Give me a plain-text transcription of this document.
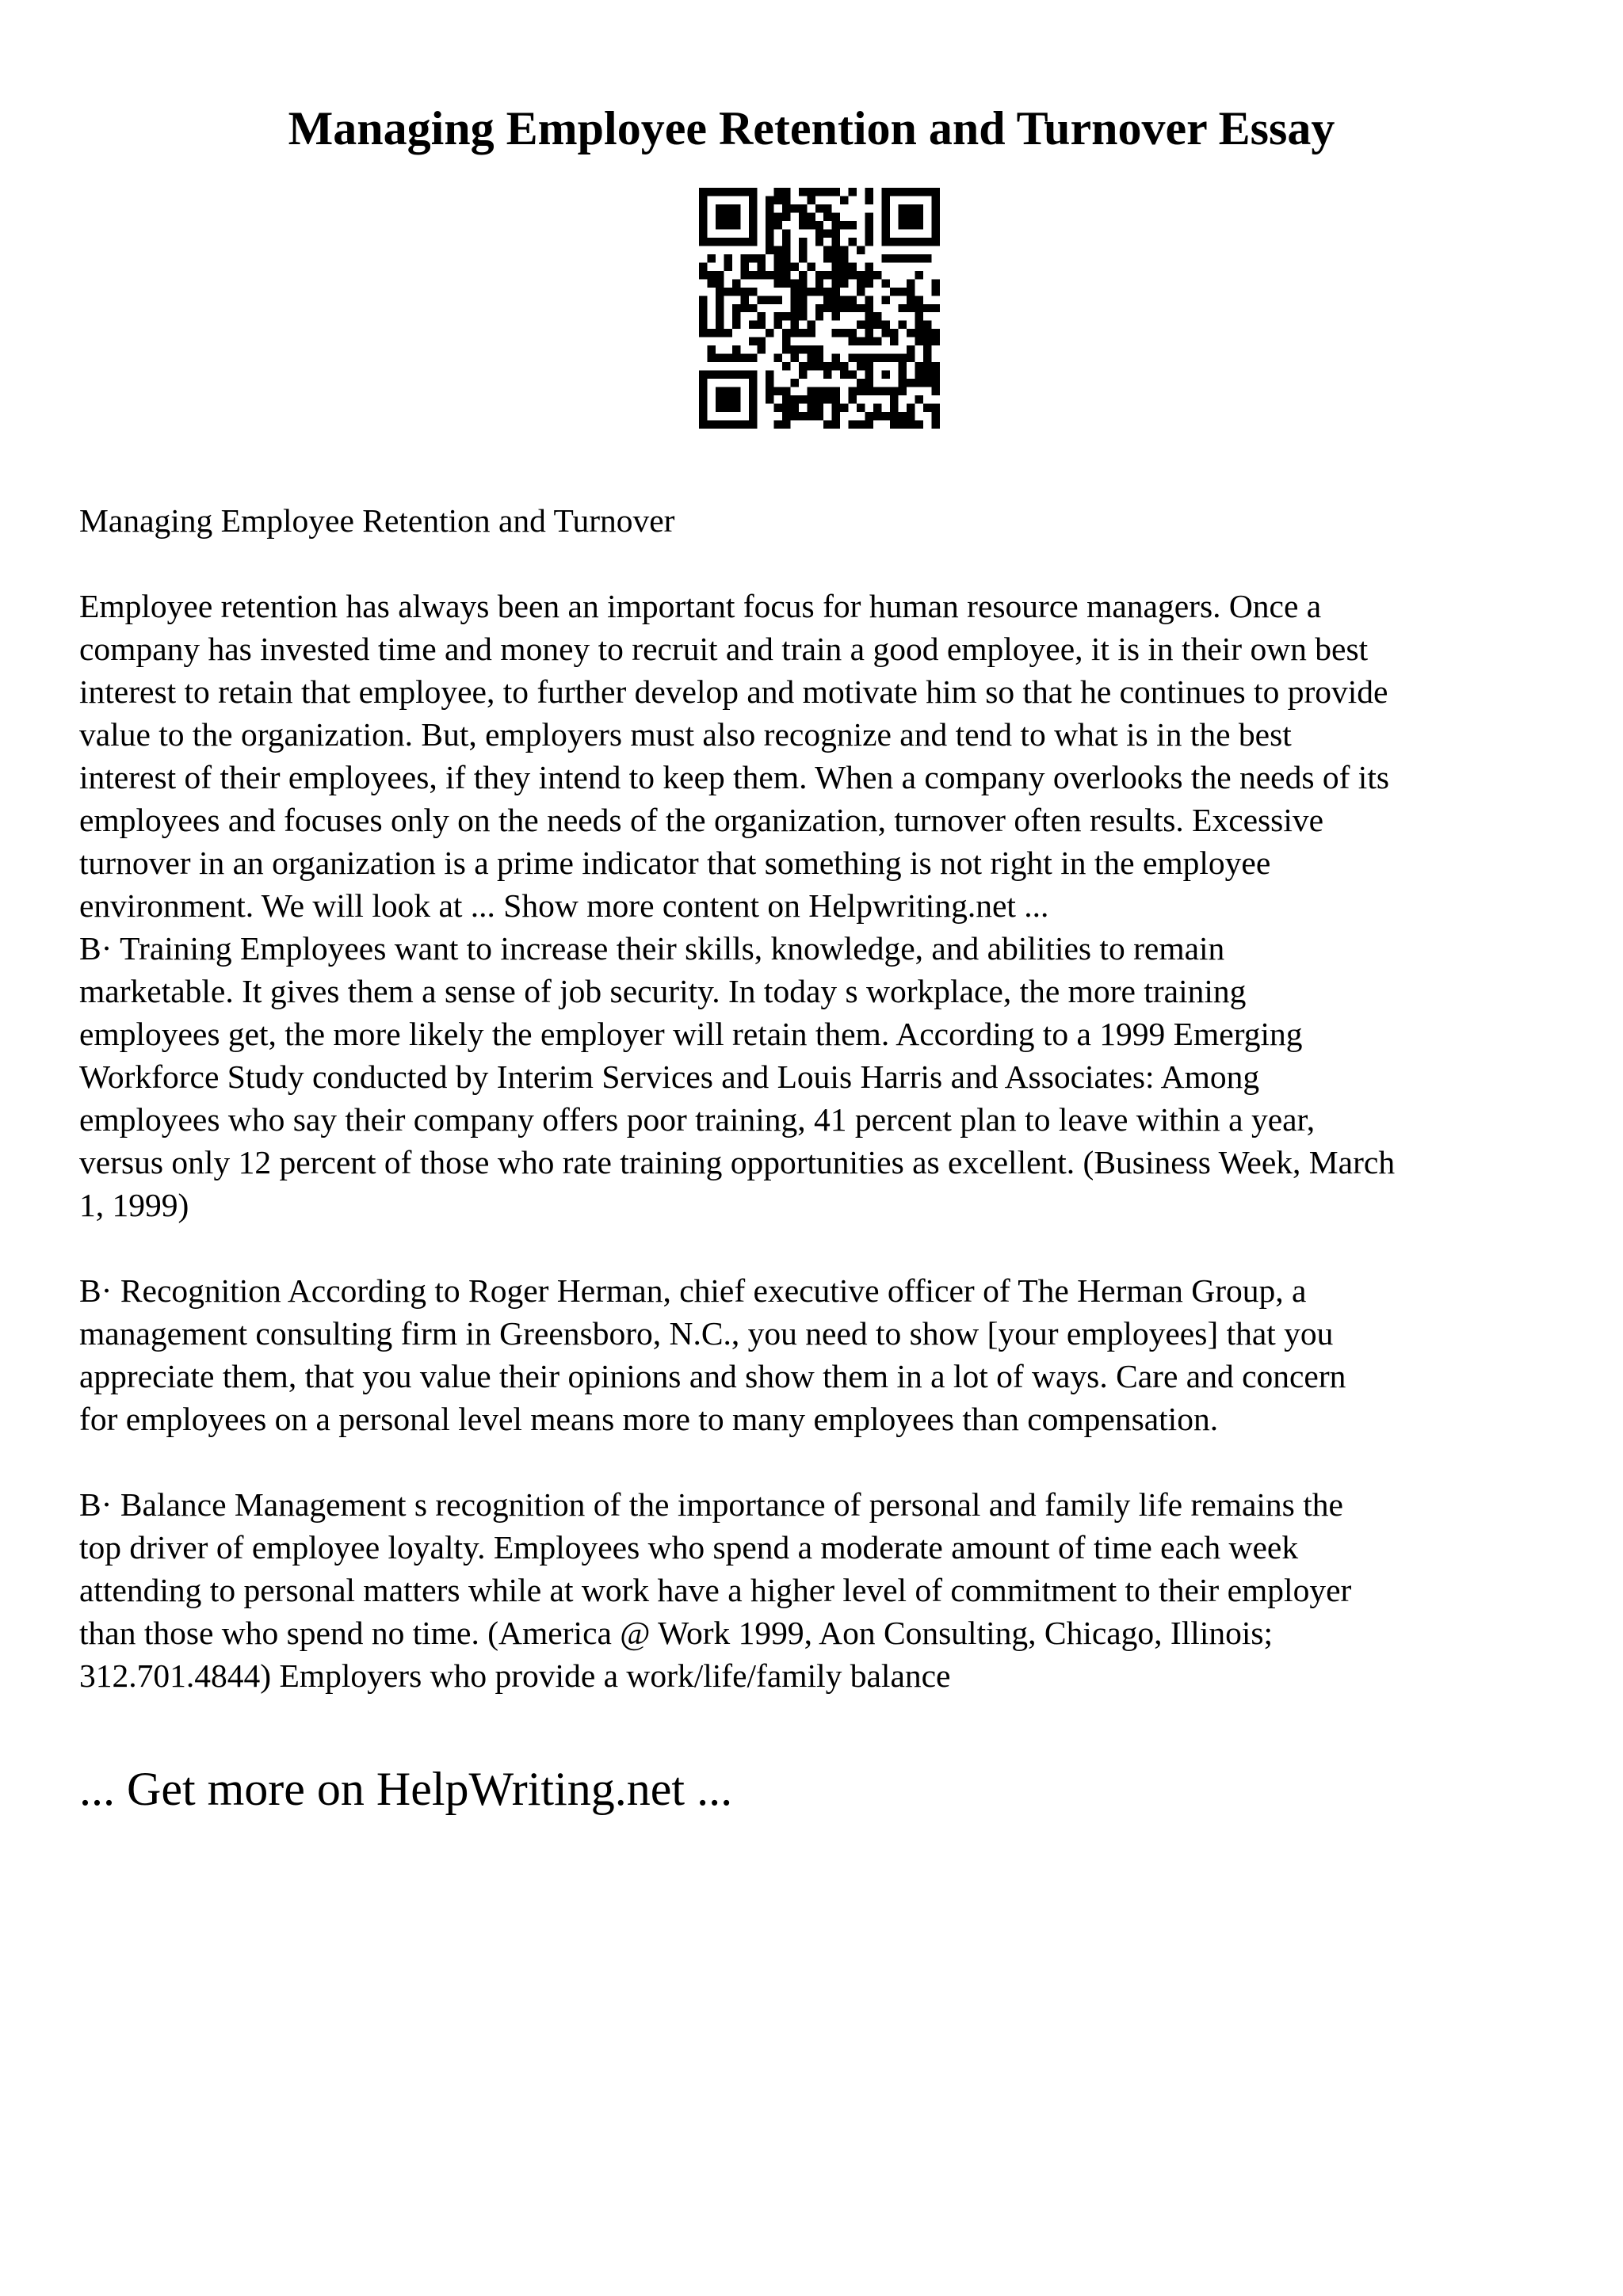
Managing Employee Retention and Turnover Essay

Managing Employee Retention and Turnover

Employee retention has always been an important focus for human resource managers. Once a
company has invested time and money to recruit and train a good employee, it is in their own best
interest to retain that employee, to further develop and motivate him so that he continues to provide
value to the organization. But, employers must also recognize and tend to what is in the best
interest of their employees, if they intend to keep them. When a company overlooks the needs of its
employees and focuses only on the needs of the organization, turnover often results. Excessive
turnover in an organization is a prime indicator that something is not right in the employee
environment. We will look at ... Show more content on Helpwriting.net ...

B· Training Employees want to increase their skills, knowledge, and abilities to remain
marketable. It gives them a sense of job security. In today s workplace, the more training
employees get, the more likely the employer will retain them. According to a 1999 Emerging
Workforce Study conducted by Interim Services and Louis Harris and Associates: Among
employees who say their company offers poor training, 41 percent plan to leave within a year,
versus only 12 percent of those who rate training opportunities as excellent. (Business Week, March
1, 1999)

B· Recognition According to Roger Herman, chief executive officer of The Herman Group, a
management consulting firm in Greensboro, N.C., you need to show [your employees] that you
appreciate them, that you value their opinions and show them in a lot of ways. Care and concern
for employees on a personal level means more to many employees than compensation.

B· Balance Management s recognition of the importance of personal and family life remains the
top driver of employee loyalty. Employees who spend a moderate amount of time each week
attending to personal matters while at work have a higher level of commitment to their employer
than those who spend no time. (America @ Work 1999, Aon Consulting, Chicago, Illinois;
312.701.4844) Employers who provide a work/life/family balance

... Get more on HelpWriting.net ...
